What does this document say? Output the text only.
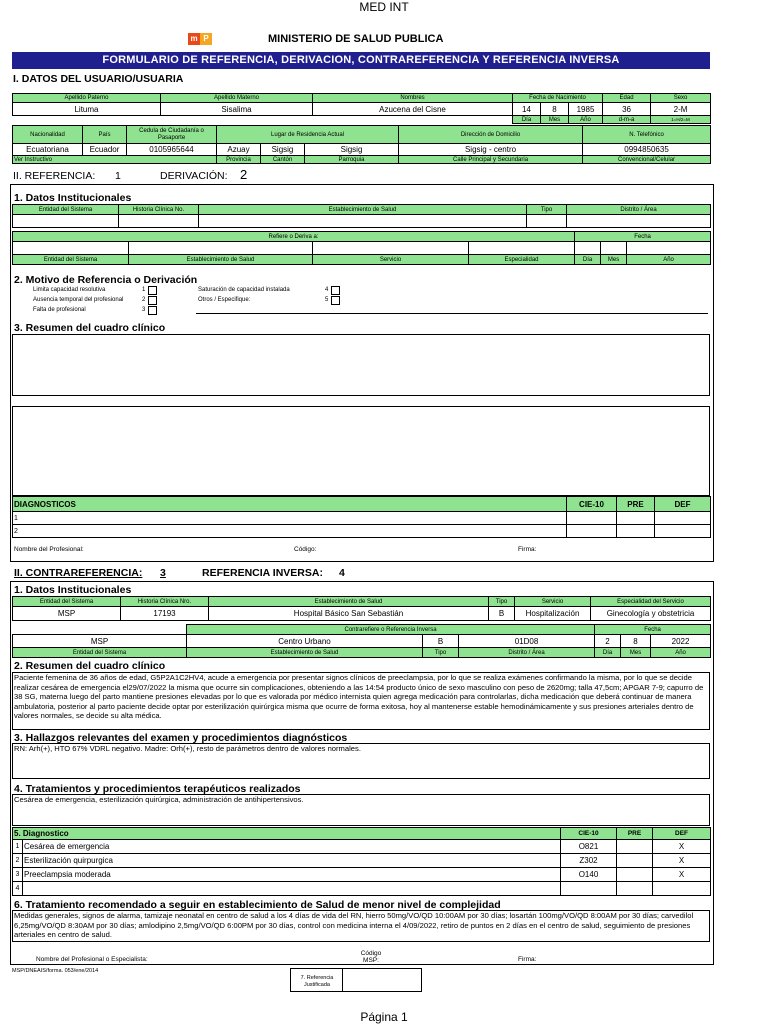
MED INT
m P	MINISTERIO DE SALUD PUBLICA
FORMULARIO DE REFERENCIA, DERIVACION, CONTRAREFERENCIA Y REFERENCIA INVERSA
I. DATOS DEL USUARIO/USUARIA
Apellido Paterno	Apellido Materno	Nombres	Fecha de Nacimiento			Edad	Sexo
Lituma	Sisalima	Azucena del Cisne	14	8	1985	36	2-M
			Día	Mes	Año	d-m-a	1=H/2=M
Nacionalidad	País	Cedula de Ciudadanía o Pasaporte	Lugar de Residencia Actual			Dirección de Domicilio	N. Telefónico
Ecuatoriana	Ecuador	0105965644	Azuay	Sigsig	Sigsig	Sigsig - centro	0994850635
Ver Instructivo			Provincia	Cantón	Parroquia	Calle Principal y Secundaria	Convencional/Celular
II. REFERENCIA: 1	DERIVACIÓN: 2
1. Datos Institucionales
Entidad del Sistema	Historia Clínica No.	Establecimiento de Salud	Tipo	Distrito / Área

Refiere o Deriva a:				Fecha		

Entidad del Sistema	Establecimiento de Salud	Servicio	Especialidad	Día	Mes	Año
2. Motivo de Referencia o Derivación
Limita capacidad resolutiva	1
Ausencia temporal del profesional	2
Falta de profesional	3
Saturación de capacidad instalada	4
Otros / Especifique:	5
3. Resumen del cuadro clínico
DIAGNOSTICOS	CIE-10	PRE	DEF
1			
2			
Nombre del Profesional:	Código:	Firma:
II. CONTRAREFERENCIA: 3	REFERENCIA INVERSA: 4
1. Datos Institucionales
Entidad del Sistema	Historia Clínica Nro.	Establecimiento de Salud	Tipo	Servicio	Especialidad del Servicio
MSP	17193	Hospital Básico San Sebastián	B	Hospitalización	Ginecología y obstetricia
	Contrarefiere o Referencia Inversa			Fecha		
MSP	Centro Urbano	B	01D08	2	8	2022
Entidad del Sistema	Establecimiento de Salud	Tipo	Distrito / Área	Día	Mes	Año
2. Resumen del cuadro clínico
Paciente femenina de 36 años de edad, G5P2A1C2HV4, acude a emergencia por presentar signos clínicos de preeclampsia, por lo que se realiza exámenes confirmando la misma, por lo que se decide realizar cesárea de emergencia el29/07/2022 la misma que ocurre sin complicaciones, obteniendo a las 14:54 producto único de sexo masculino con peso de 2620mg; talla 47,5cm; APGAR 7-9; capurro de 38 SG, materna luego del parto mantiene presiones elevadas por lo que es valorada por médico internista quien agrega medicación para controlarlas, dicha medicación que deberá continuar de manera ambulatoria, posterior al parto paciente decide optar por esterilización quirúrgica misma que ocurre de forma exitosa, hoy al mantenerse estable hemodinámicamente y sus presiones arteriales dentro de valores normales, se decide su alta médica.
3. Hallazgos relevantes del examen y procedimientos diagnósticos
RN: Arh(+), HTO 67% VDRL negativo. Madre: Orh(+), resto de parámetros dentro de valores normales.
4. Tratamientos y procedimientos terapéuticos realizados
Cesárea de emergencia, esterilización quirúrgica, administración de antihipertensivos.
5. Diagnostico		CIE-10	PRE	DEF
1	Cesárea de emergencia	O821		X
2	Esterilización quirpurgica	Z302		X
3	Preeclampsia moderada	O140		X
4				
6. Tratamiento recomendado a seguir en establecimiento de Salud de menor nivel de complejidad
Medidas generales, signos de alarma, tamizaje neonatal en centro de salud a los 4 días de vida del RN, hierro 50mg/VO/QD 10:00AM por 30 días; losartán 100mg/VO/QD 8:00AM por 30 días; carvedilol 6,25mg/VO/QD 8:30AM por 30 días; amlodipino 2,5mg/VO/QD 6:00PM por 30 días, control con medicina interna el 4/09/2022, retiro de puntos en 2 días en el centro de salud, seguimiento de presiones arteriales en centro de salud.
Nombre del Profesional o Especialista:
Código MSP:	Firma:
MSP/DNEAIS/forma. 053/ene/2014
7. Referencia Justificada
Página 1
